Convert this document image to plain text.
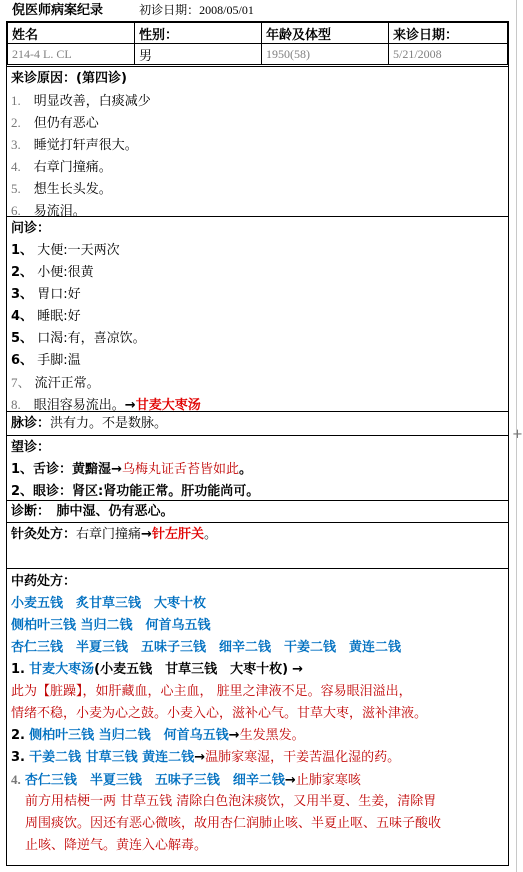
倪医师病案纪录	初诊日期：2008/05/01
+
姓名	性别：	年龄及体型	来诊日期：
214-4 L. CL	男	1950(58)	5/21/2008
来诊原因：(第四诊)
1.　 明显改善，白痰减少
2.　 但仍有恶心
3.　 睡觉打轩声很大。
4.　 右章门撞痛。
5.　 想生长头发。
6.　 易流泪。
问诊：
1、 大便:一天两次
2、 小便:很黄
3、 胃口:好
4、 睡眠:好
5、 口渴:有，喜凉饮。
6、 手脚:温
7、 流汗正常。
8.　 眼泪容易流出。→甘麦大枣汤
脉诊：洪有力。不是数脉。
望诊：
1、舌诊：黄黯湿→乌梅丸证舌苔皆如此。
2、眼诊：肾区:肾功能正常。肝功能尚可。
诊断：　 肺中湿、仍有恶心。
针灸处方：右章门撞痛→针左肝关。
中药处方：
小麦五钱　炙甘草三钱　大枣十枚
侧柏叶三钱 当归二钱　何首乌五钱
杏仁三钱　半夏三钱　五味子三钱　细辛二钱　干姜二钱　黄连二钱
1. 甘麦大枣汤(小麦五钱　甘草三钱　大枣十枚) →
此为【脏躁】，如肝藏血，心主血， 脏里之津液不足。容易眼泪溢出，
情绪不稳，小麦为心之鼓。小麦入心，滋补心气。甘草大枣，滋补津液。
2. 侧柏叶三钱 当归二钱　何首乌五钱→生发黑发。
3. 干姜二钱 甘草三钱 黄连二钱→温肺家寒湿，干姜苦温化湿的药。
4. 杏仁三钱　半夏三钱　五味子三钱　细辛二钱→止肺家寒咳
前方用桔梗一两 甘草五钱 清除白色泡沫痰饮，又用半夏、生姜，清除胃
周围痰饮。因还有恶心微咳，故用杏仁润肺止咳、半夏止呕、五味子酸收
止咳、降逆气。黄连入心解毒。
